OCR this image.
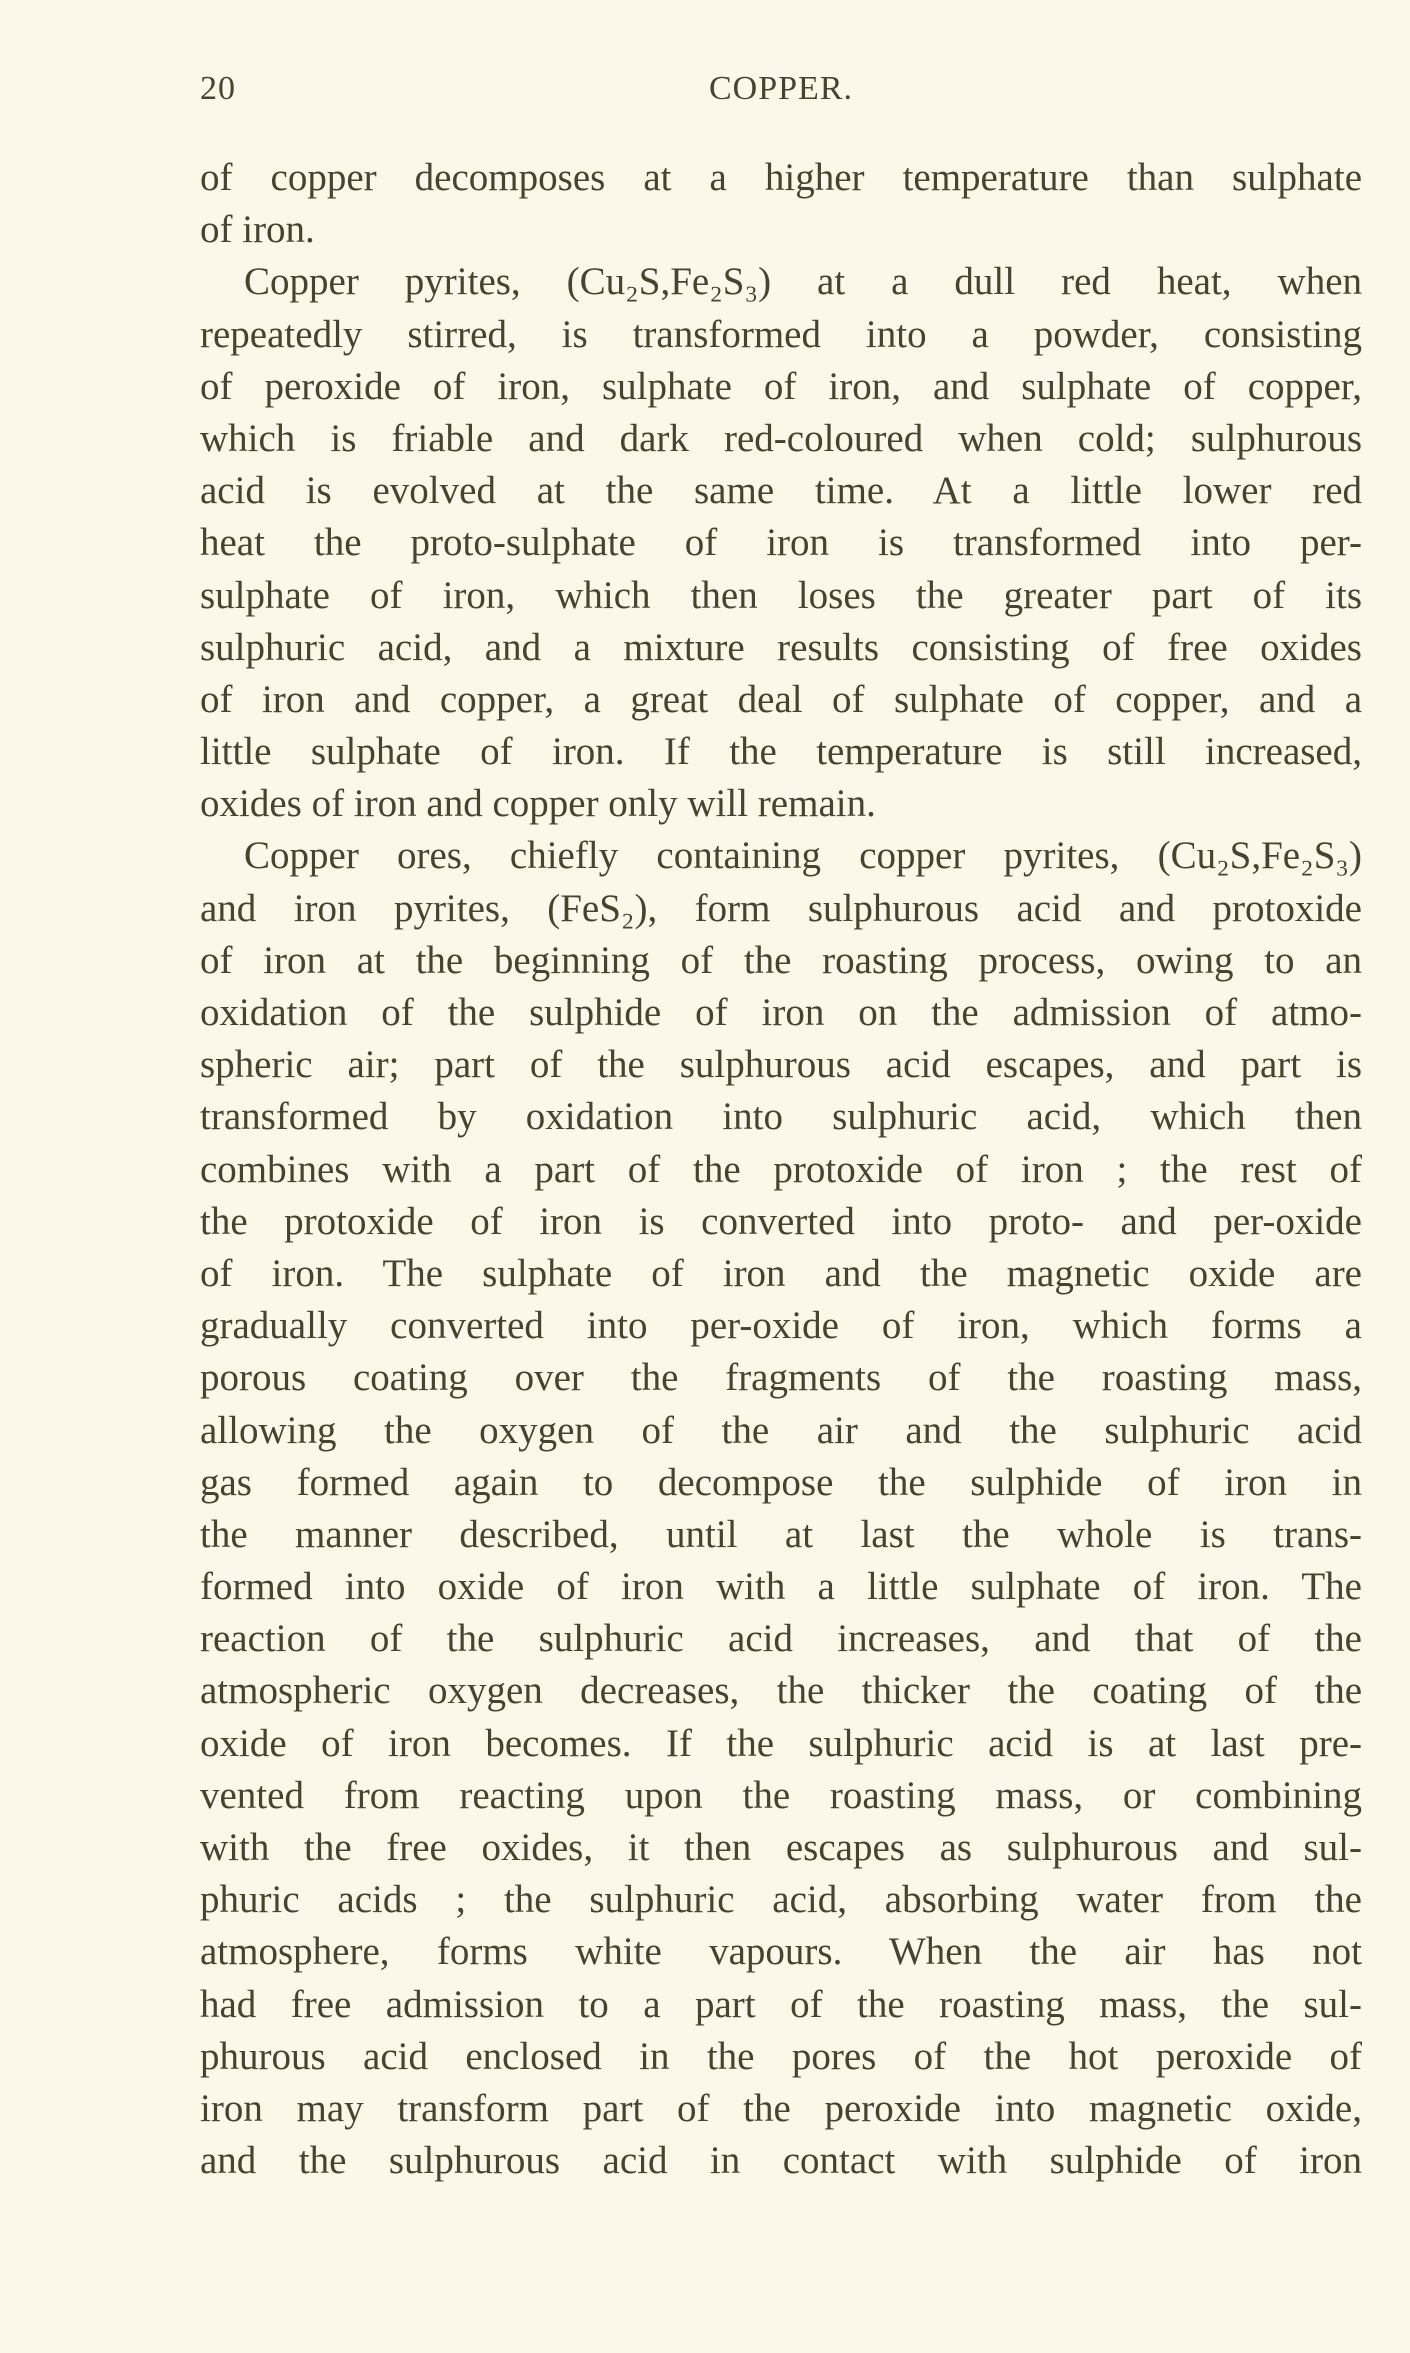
20	COPPER.
of copper decomposes at a higher temperature than sulphate
of iron.
Copper pyrites, (Cu₂S,Fe₂S₃) at a dull red heat, when
repeatedly stirred, is transformed into a powder, consisting
of peroxide of iron, sulphate of iron, and sulphate of copper,
which is friable and dark red-coloured when cold; sulphurous
acid is evolved at the same time. At a little lower red
heat the proto-sulphate of iron is transformed into per-
sulphate of iron, which then loses the greater part of its
sulphuric acid, and a mixture results consisting of free oxides
of iron and copper, a great deal of sulphate of copper, and a
little sulphate of iron. If the temperature is still increased,
oxides of iron and copper only will remain.
Copper ores, chiefly containing copper pyrites, (Cu₂S,Fe₂S₃)
and iron pyrites, (FeS₂), form sulphurous acid and protoxide
of iron at the beginning of the roasting process, owing to an
oxidation of the sulphide of iron on the admission of atmo-
spheric air; part of the sulphurous acid escapes, and part is
transformed by oxidation into sulphuric acid, which then
combines with a part of the protoxide of iron ; the rest of
the protoxide of iron is converted into proto- and per-oxide
of iron. The sulphate of iron and the magnetic oxide are
gradually converted into per-oxide of iron, which forms a
porous coating over the fragments of the roasting mass,
allowing the oxygen of the air and the sulphuric acid
gas formed again to decompose the sulphide of iron in
the manner described, until at last the whole is trans-
formed into oxide of iron with a little sulphate of iron. The
reaction of the sulphuric acid increases, and that of the
atmospheric oxygen decreases, the thicker the coating of the
oxide of iron becomes. If the sulphuric acid is at last pre-
vented from reacting upon the roasting mass, or combining
with the free oxides, it then escapes as sulphurous and sul-
phuric acids ; the sulphuric acid, absorbing water from the
atmosphere, forms white vapours. When the air has not
had free admission to a part of the roasting mass, the sul-
phurous acid enclosed in the pores of the hot peroxide of
iron may transform part of the peroxide into magnetic oxide,
and the sulphurous acid in contact with sulphide of iron
